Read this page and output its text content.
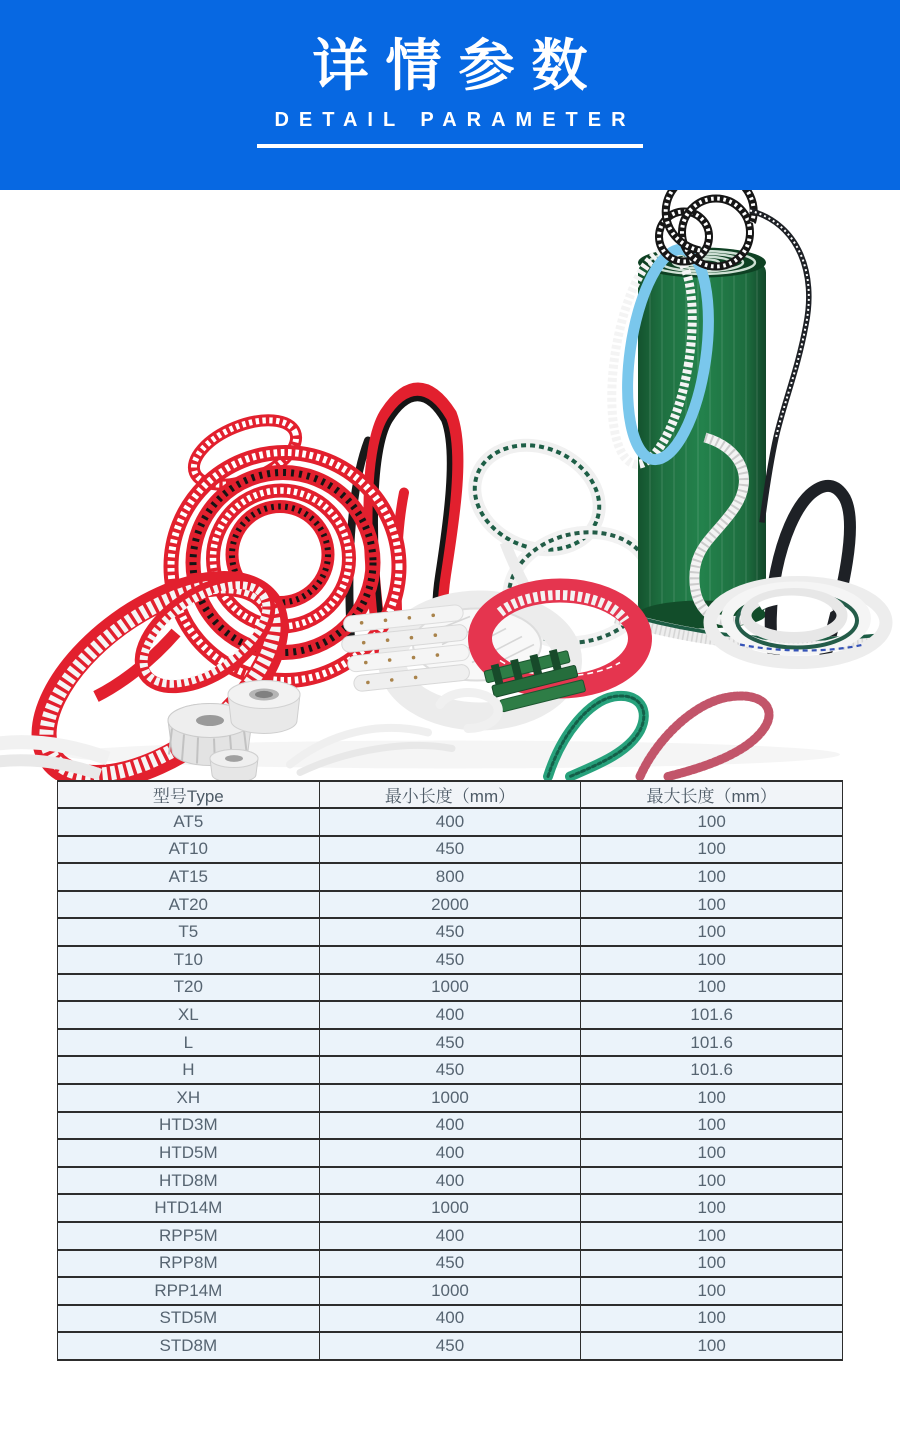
详情参数
DETAIL PARAMETER
型号Type	最小长度（mm）	最大长度（mm）
AT5	400	100
AT10	450	100
AT15	800	100
AT20	2000	100
T5	450	100
T10	450	100
T20	1000	100
XL	400	101.6
L	450	101.6
H	450	101.6
XH	1000	100
HTD3M	400	100
HTD5M	400	100
HTD8M	400	100
HTD14M	1000	100
RPP5M	400	100
RPP8M	450	100
RPP14M	1000	100
STD5M	400	100
STD8M	450	100
